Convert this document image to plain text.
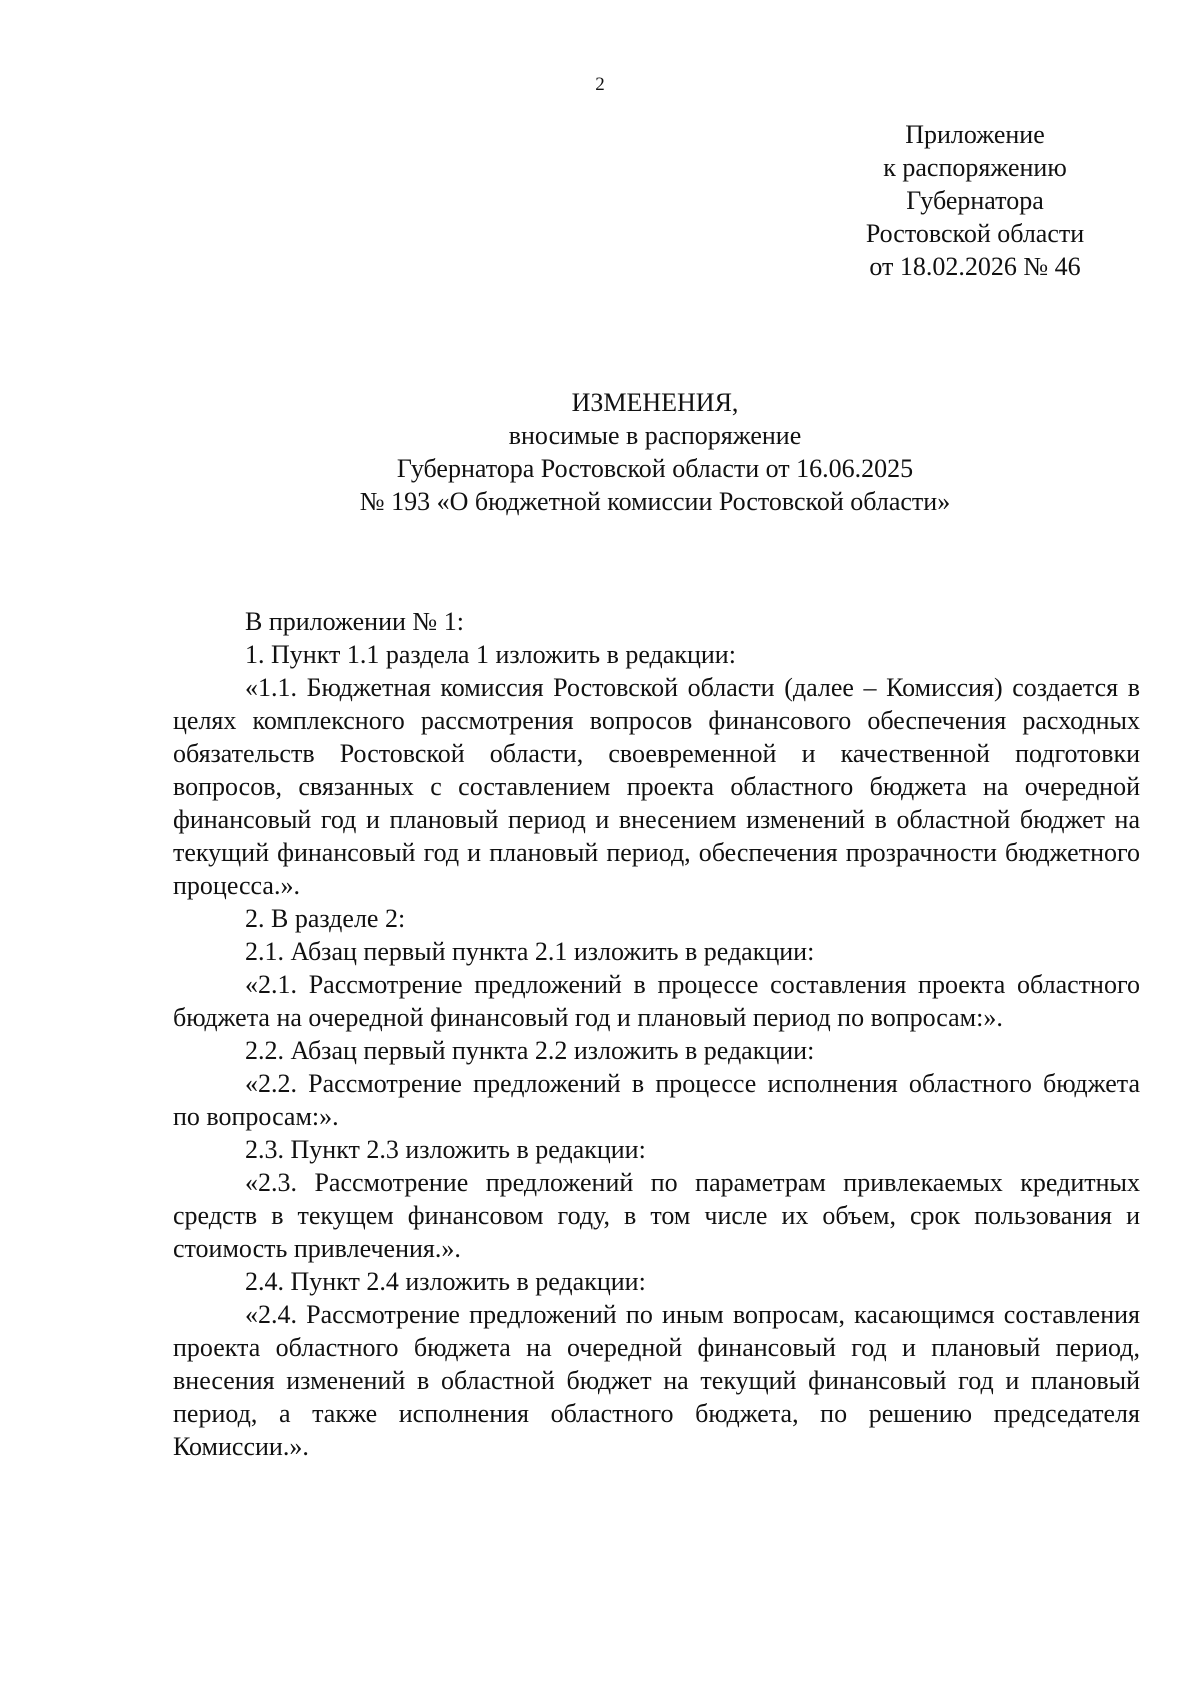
2
Приложение
к распоряжению
Губернатора
Ростовской области
от 18.02.2026 № 46
ИЗМЕНЕНИЯ,
вносимые в распоряжение
Губернатора Ростовской области от 16.06.2025
№ 193 «О бюджетной комиссии Ростовской области»

В приложении № 1:

1. Пункт 1.1 раздела 1 изложить в редакции:

«1.1. Бюджетная комиссия Ростовской области (далее – Комиссия) создается в целях комплексного рассмотрения вопросов финансового обеспечения расходных обязательств Ростовской области, своевременной и качественной подготовки вопросов, связанных с составлением проекта областного бюджета на очередной финансовый год и плановый период и внесением изменений в областной бюджет на текущий финансовый год и плановый период, обеспечения прозрачности бюджетного процесса.».

2. В разделе 2:

2.1. Абзац первый пункта 2.1 изложить в редакции:

«2.1. Рассмотрение предложений в процессе составления проекта областного бюджета на очередной финансовый год и плановый период по вопросам:».

2.2. Абзац первый пункта 2.2 изложить в редакции:

«2.2. Рассмотрение предложений в процессе исполнения областного бюджета по вопросам:».

2.3. Пункт 2.3 изложить в редакции:

«2.3. Рассмотрение предложений по параметрам привлекаемых кредитных средств в текущем финансовом году, в том числе их объем, срок пользования и стоимость привлечения.».

2.4. Пункт 2.4 изложить в редакции:

«2.4. Рассмотрение предложений по иным вопросам, касающимся составления проекта областного бюджета на очередной финансовый год и плановый период, внесения изменений в областной бюджет на текущий финансовый год и плановый период, а также исполнения областного бюджета, по решению председателя Комиссии.».
